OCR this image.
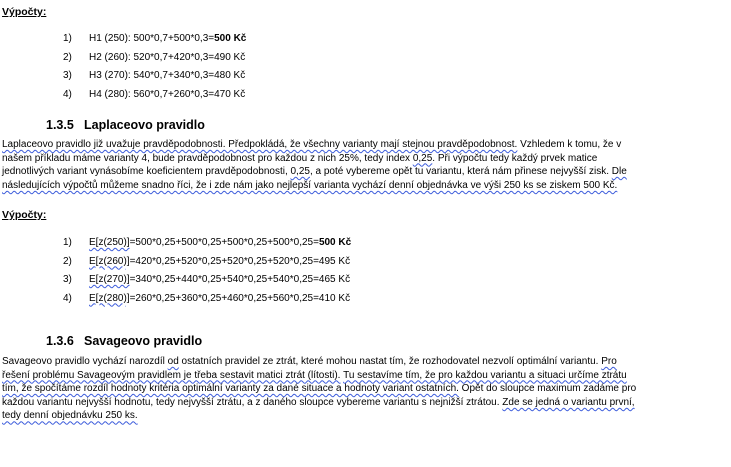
Výpočty:
1) H1 (250): 500*0,7+500*0,3=500 Kč
2) H2 (260): 520*0,7+420*0,3=490 Kč
3) H3 (270): 540*0,7+340*0,3=480 Kč
4) H4 (280): 560*0,7+260*0,3=470 Kč
1.3.5 Laplaceovo pravidlo

Laplaceovo pravidlo již uvažuje pravděpodobnosti. Předpokládá, že všechny varianty mají stejnou pravděpodobnost. Vzhledem k tomu, že v

našem příkladu máme varianty 4, bude pravděpodobnost pro každou z nich 25%, tedy index 0,25. Při výpočtu tedy každý prvek matice

jednotlivých variant vynásobíme koeficientem pravděpodobnosti, 0,25, a poté vybereme opět tu variantu, která nám přinese nejvyšší zisk. Dle

následujících výpočtů můžeme snadno říci, že i zde nám jako nejlepší varianta vychází denní objednávka ve výši 250 ks se ziskem 500 Kč.

Výpočty:
1) E[z(250)]=500*0,25+500*0,25+500*0,25+500*0,25=500 Kč
2) E[z(260)]=420*0,25+520*0,25+520*0,25+520*0,25=495 Kč
3) E[z(270)]=340*0,25+440*0,25+540*0,25+540*0,25=465 Kč
4) E[z(280)]=260*0,25+360*0,25+460*0,25+560*0,25=410 Kč
1.3.6 Savageovo pravidlo

Savageovo pravidlo vychází narozdíl od ostatních pravidel ze ztrát, které mohou nastat tím, že rozhodovatel nezvolí optimální variantu. Pro

řešení problému Savageovým pravidlem je třeba sestavit matici ztrát (lítosti). Tu sestavíme tím, že pro každou variantu a situaci určíme ztrátu

tím, že spočítáme rozdíl hodnoty kritéria optimální varianty za dané situace a hodnoty variant ostatních. Opět do sloupce maximum zadáme pro

každou variantu nejvyšší hodnotu, tedy nejvyšší ztrátu, a z daného sloupce vybereme variantu s nejnižší ztrátou. Zde se jedná o variantu první,

tedy denní objednávku 250 ks.
